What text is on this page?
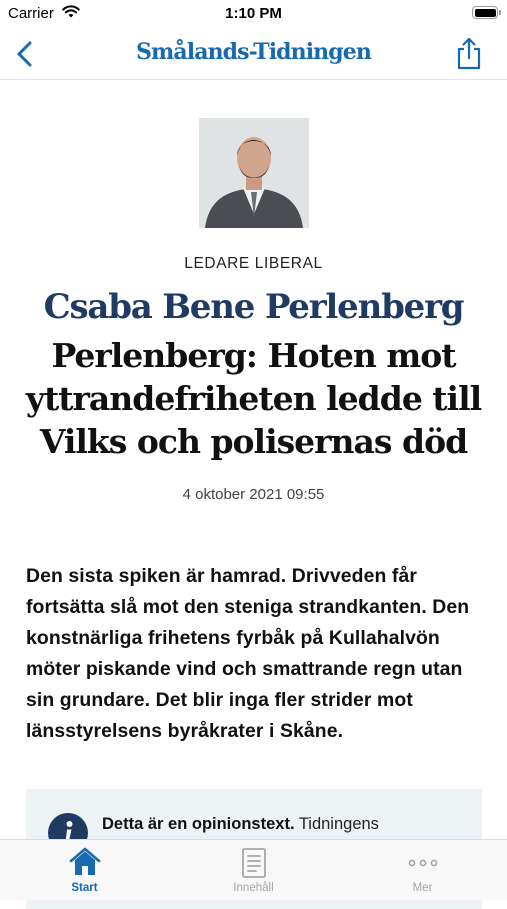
Carrier	1:10 PM
Smålands-Tidningen
LEDARE LIBERAL
Csaba Bene Perlenberg
Perlenberg: Hoten mot yttrandefriheten ledde till Vilks och polisernas död
4 oktober 2021 09:55

Den sista spiken är hamrad. Drivveden får fortsätta slå mot den steniga strandkanten. Den konstnärliga frihetens fyrbåk på Kullahalvön möter piskande vind och smattrande regn utan sin grundare. Det blir inga fler strider mot länsstyrelsens byråkrater i Skåne.

Detta är en opinionstext. Tidningens
Start	Innehåll	Mer
